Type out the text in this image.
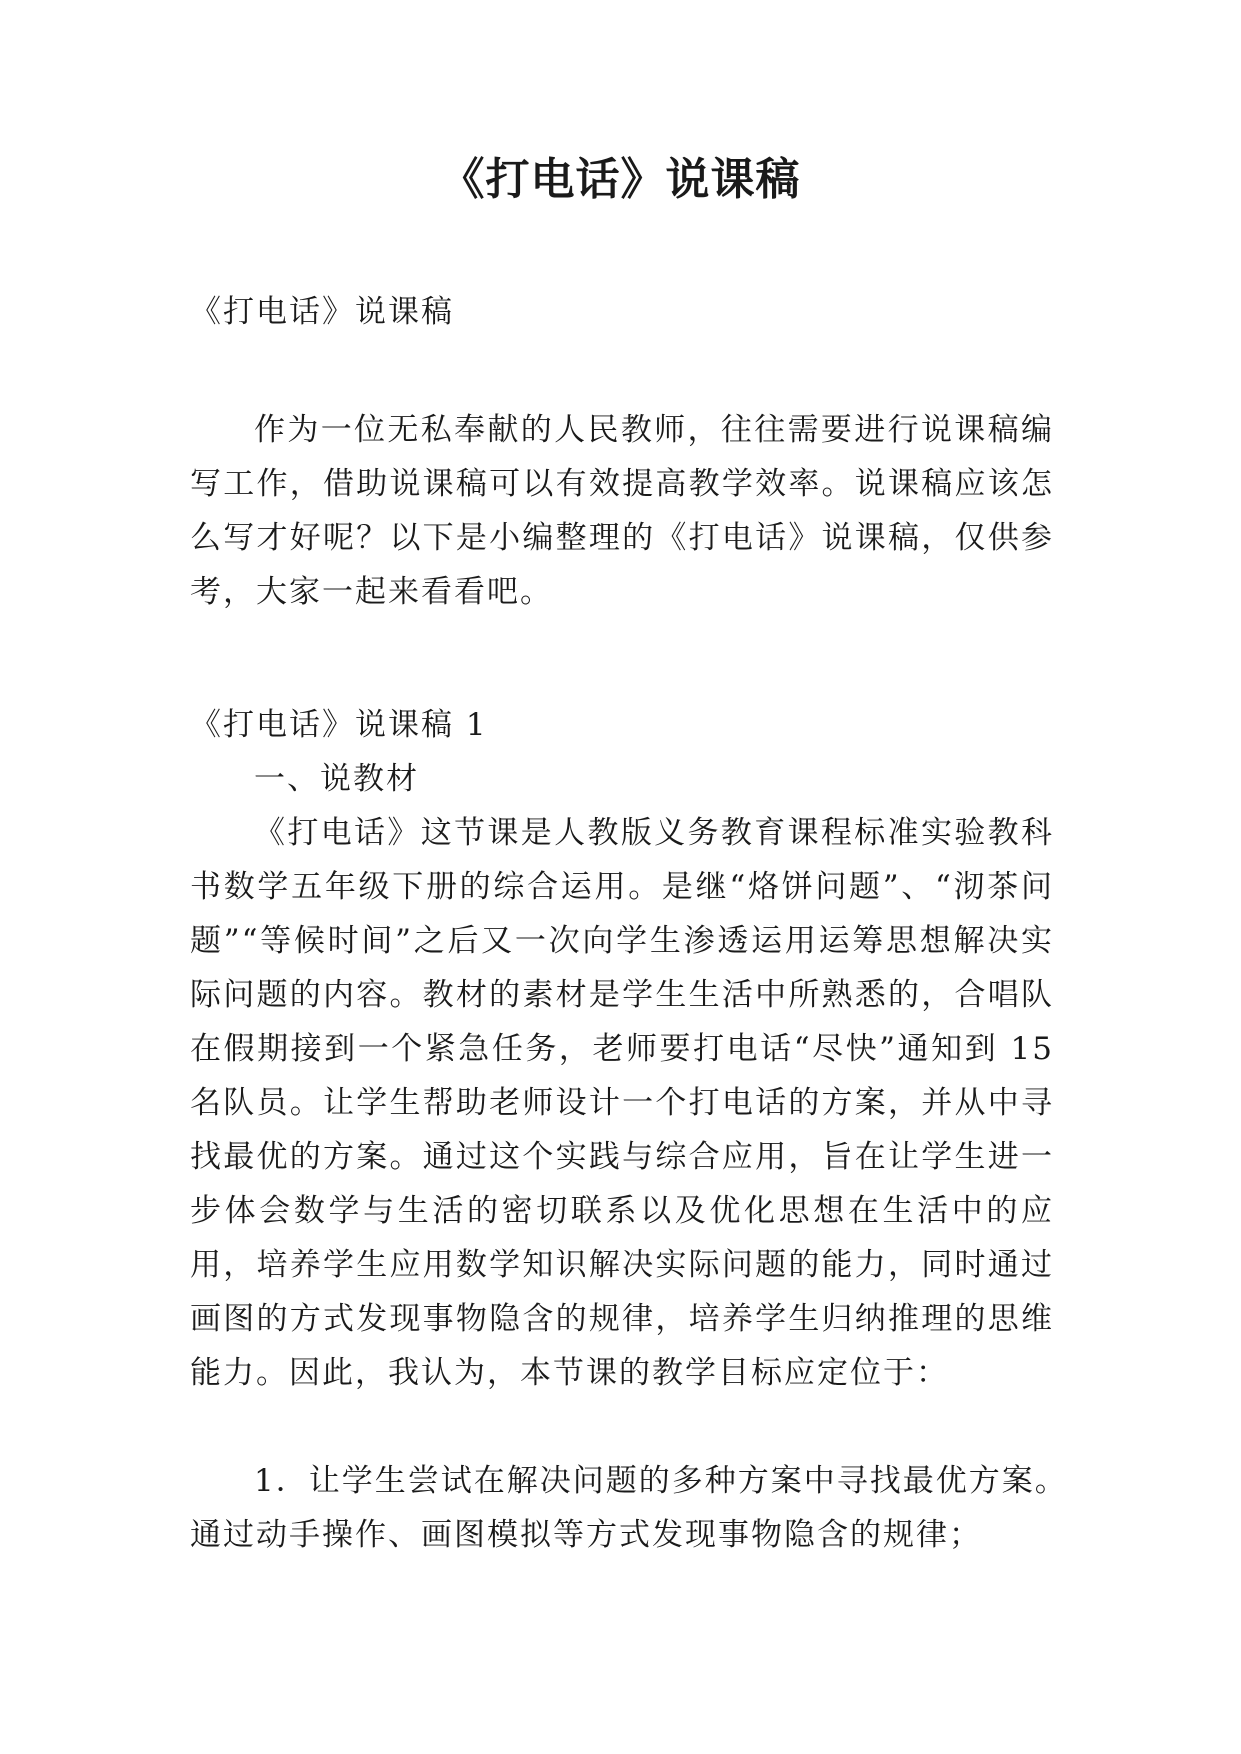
《打电话》说课稿

《打电话》说课稿

作为一位无私奉献的人民教师，往往需要进行说课稿编写工作，借助说课稿可以有效提高教学效率。说课稿应该怎么写才好呢？以下是小编整理的《打电话》说课稿，仅供参考，大家一起来看看吧。

《打电话》说课稿 1

一、说教材

《打电话》这节课是人教版义务教育课程标准实验教科书数学五年级下册的综合运用。是继“烙饼问题”、“沏茶问题”“等候时间”之后又一次向学生渗透运用运筹思想解决实际问题的内容。教材的素材是学生生活中所熟悉的，合唱队在假期接到一个紧急任务，老师要打电话“尽快”通知到 15 名队员。让学生帮助老师设计一个打电话的方案，并从中寻找最优的方案。通过这个实践与综合应用，旨在让学生进一步体会数学与生活的密切联系以及优化思想在生活中的应用，培养学生应用数学知识解决实际问题的能力，同时通过画图的方式发现事物隐含的规律，培养学生归纳推理的思维能力。因此，我认为，本节课的教学目标应定位于：

1．让学生尝试在解决问题的多种方案中寻找最优方案。通过动手操作、画图模拟等方式发现事物隐含的规律；
